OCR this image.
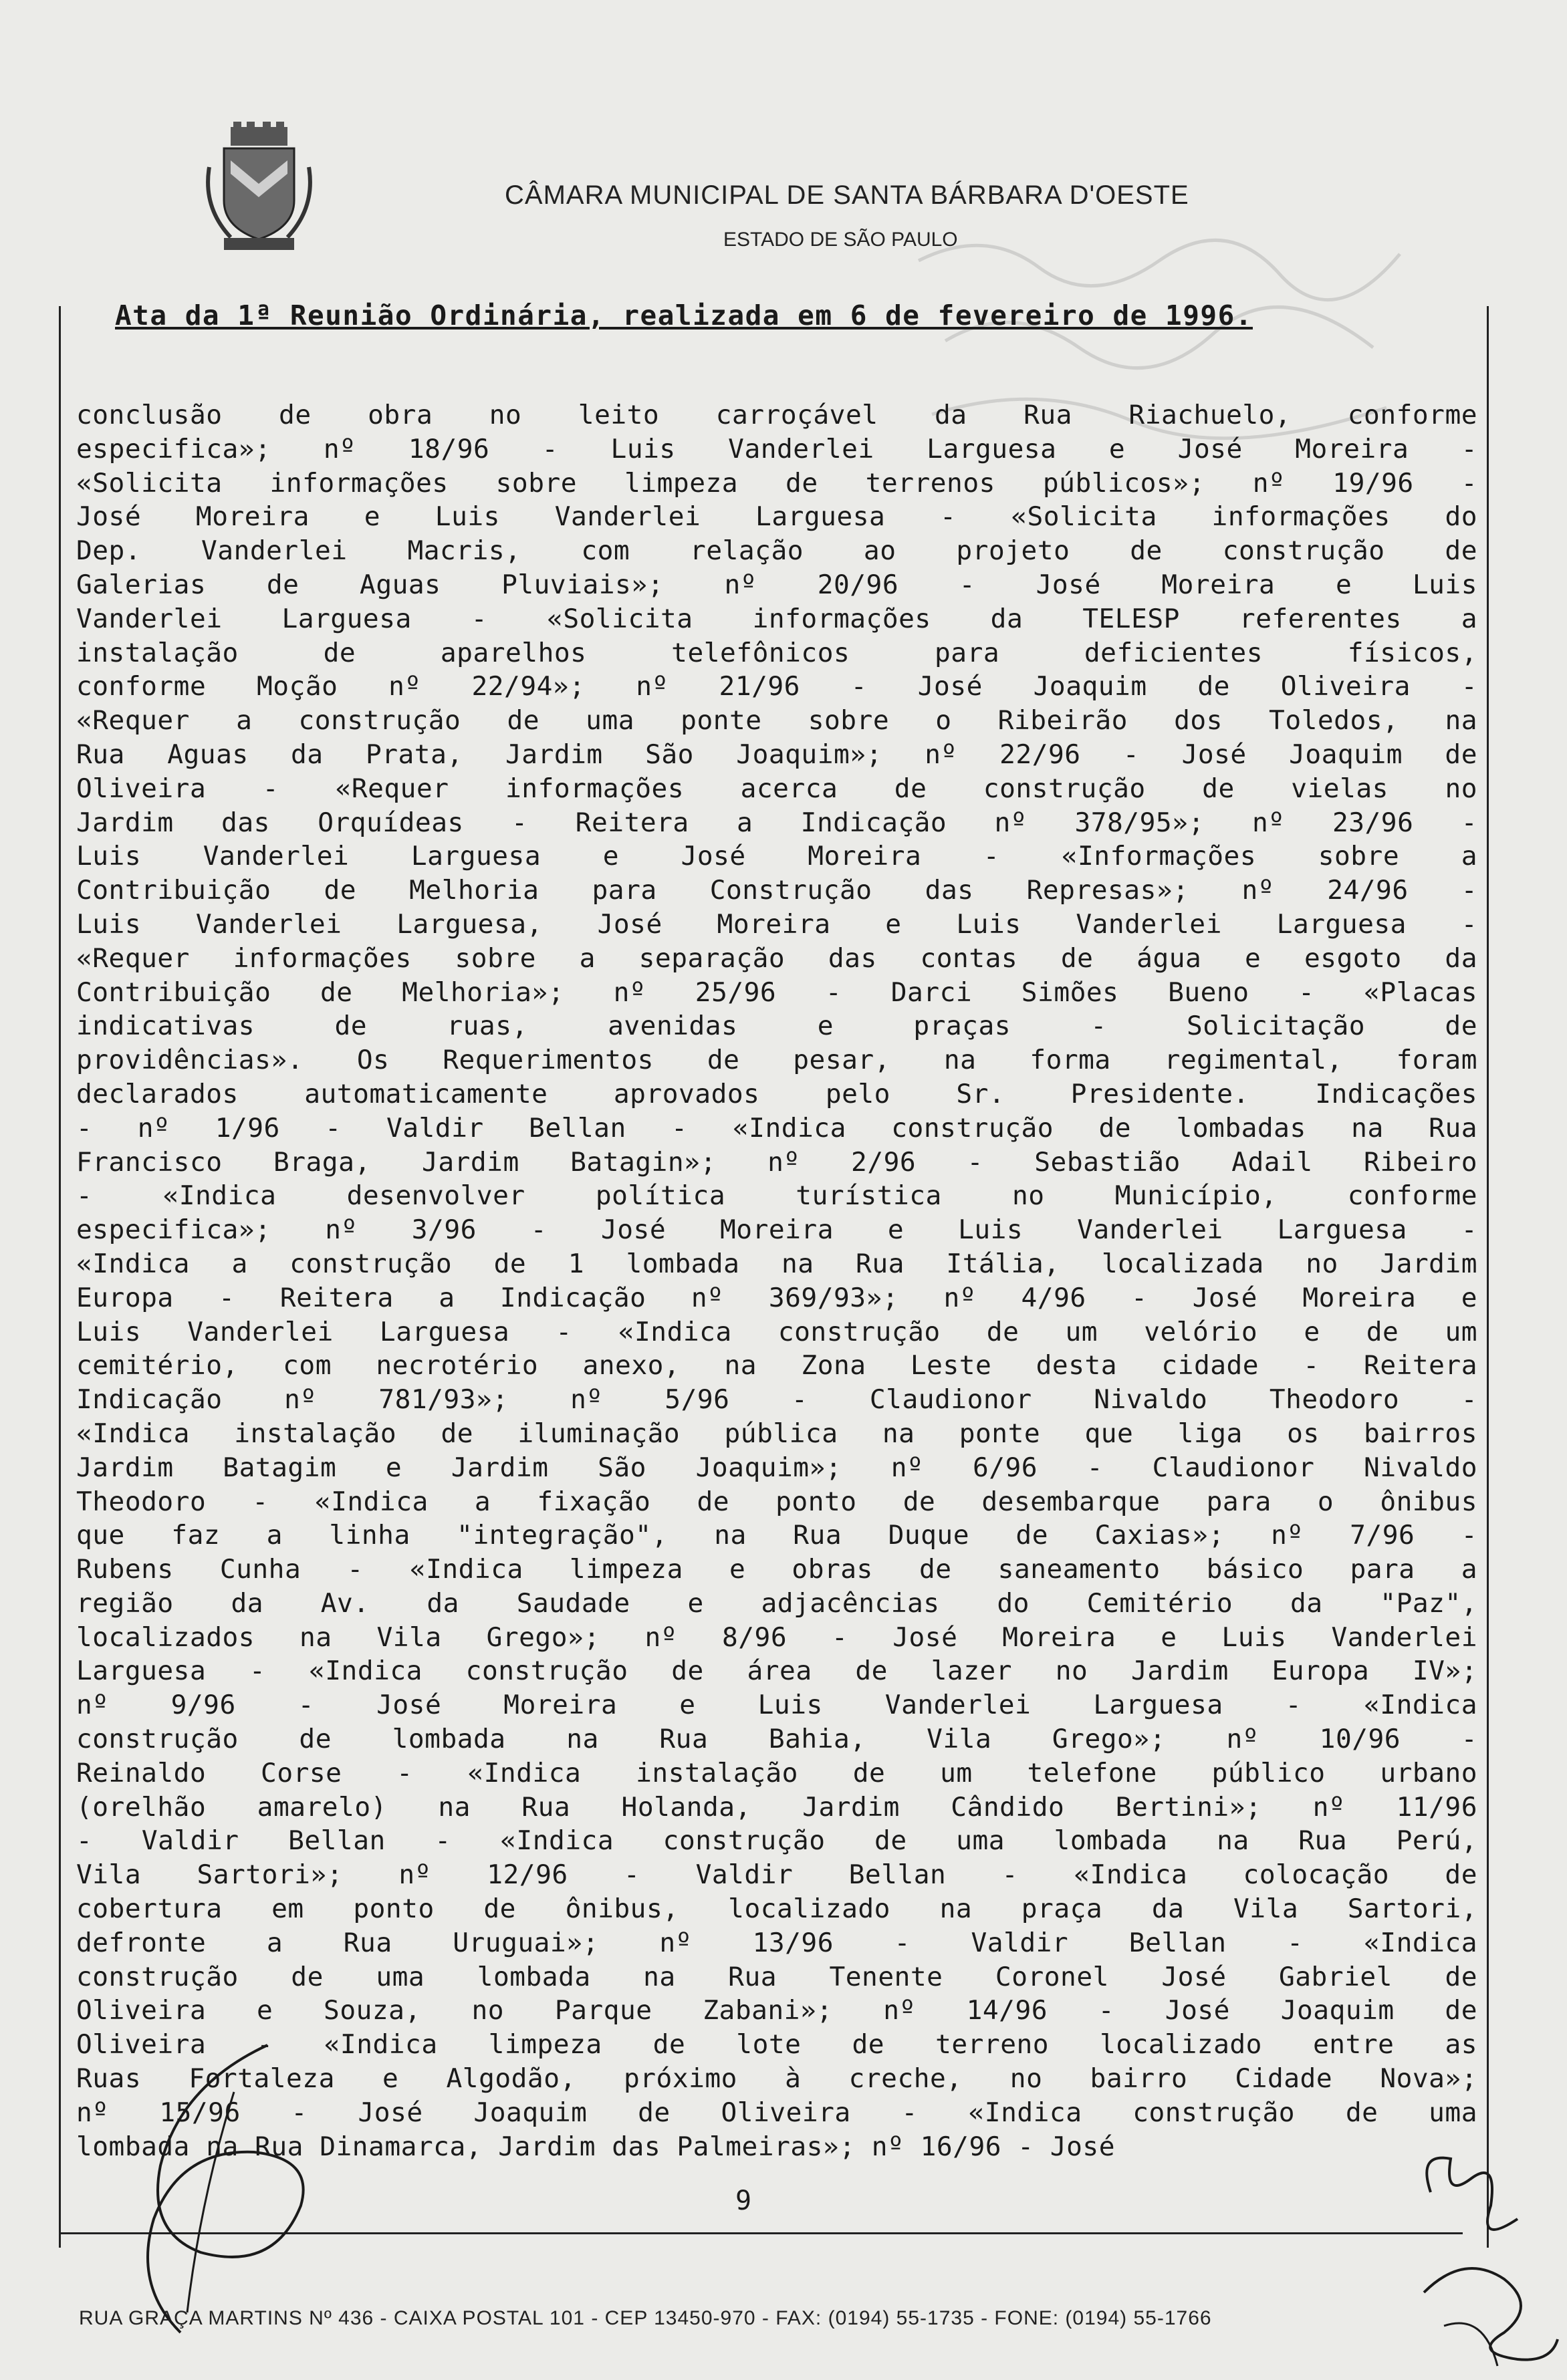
CÂMARA MUNICIPAL DE SANTA BÁRBARA D'OESTE
ESTADO DE SÃO PAULO
Ata da 1ª Reunião Ordinária, realizada em 6 de fevereiro de 1996.
conclusão de obra no leito carroçável da Rua Riachuelo, conforme
especifica»; nº 18/96 - Luis Vanderlei Larguesa e José Moreira -
«Solicita informações sobre limpeza de terrenos públicos»; nº 19/96 -
José Moreira e Luis Vanderlei Larguesa - «Solicita informações do
Dep. Vanderlei Macris, com relação ao projeto de construção de
Galerias de Aguas Pluviais»; nº 20/96 - José Moreira e Luis
Vanderlei Larguesa - «Solicita informações da TELESP referentes a
instalação de aparelhos telefônicos para deficientes físicos,
conforme Moção nº 22/94»; nº 21/96 - José Joaquim de Oliveira -
«Requer a construção de uma ponte sobre o Ribeirão dos Toledos, na
Rua Aguas da Prata, Jardim São Joaquim»; nº 22/96 - José Joaquim de
Oliveira - «Requer informações acerca de construção de vielas no
Jardim das Orquídeas - Reitera a Indicação nº 378/95»; nº 23/96 -
Luis Vanderlei Larguesa e José Moreira - «Informações sobre a
Contribuição de Melhoria para Construção das Represas»; nº 24/96 -
Luis Vanderlei Larguesa, José Moreira e Luis Vanderlei Larguesa -
«Requer informações sobre a separação das contas de água e esgoto da
Contribuição de Melhoria»; nº 25/96 - Darci Simões Bueno - «Placas
indicativas de ruas, avenidas e praças - Solicitação de
providências». Os Requerimentos de pesar, na forma regimental, foram
declarados automaticamente aprovados pelo Sr. Presidente. Indicações
- nº 1/96 - Valdir Bellan - «Indica construção de lombadas na Rua
Francisco Braga, Jardim Batagin»; nº 2/96 - Sebastião Adail Ribeiro
- «Indica desenvolver política turística no Município, conforme
especifica»; nº 3/96 - José Moreira e Luis Vanderlei Larguesa -
«Indica a construção de 1 lombada na Rua Itália, localizada no Jardim
Europa - Reitera a Indicação nº 369/93»; nº 4/96 - José Moreira e
Luis Vanderlei Larguesa - «Indica construção de um velório e de um
cemitério, com necrotério anexo, na Zona Leste desta cidade - Reitera
Indicação nº 781/93»; nº 5/96 - Claudionor Nivaldo Theodoro -
«Indica instalação de iluminação pública na ponte que liga os bairros
Jardim Batagim e Jardim São Joaquim»; nº 6/96 - Claudionor Nivaldo
Theodoro - «Indica a fixação de ponto de desembarque para o ônibus
que faz a linha "integração", na Rua Duque de Caxias»; nº 7/96 -
Rubens Cunha - «Indica limpeza e obras de saneamento básico para a
região da Av. da Saudade e adjacências do Cemitério da "Paz",
localizados na Vila Grego»; nº 8/96 - José Moreira e Luis Vanderlei
Larguesa - «Indica construção de área de lazer no Jardim Europa IV»;
nº 9/96 - José Moreira e Luis Vanderlei Larguesa - «Indica
construção de lombada na Rua Bahia, Vila Grego»; nº 10/96 -
Reinaldo Corse - «Indica instalação de um telefone público urbano
(orelhão amarelo) na Rua Holanda, Jardim Cândido Bertini»; nº 11/96
- Valdir Bellan - «Indica construção de uma lombada na Rua Perú,
Vila Sartori»; nº 12/96 - Valdir Bellan - «Indica colocação de
cobertura em ponto de ônibus, localizado na praça da Vila Sartori,
defronte a Rua Uruguai»; nº 13/96 - Valdir Bellan - «Indica
construção de uma lombada na Rua Tenente Coronel José Gabriel de
Oliveira e Souza, no Parque Zabani»; nº 14/96 - José Joaquim de
Oliveira - «Indica limpeza de lote de terreno localizado entre as
Ruas Fortaleza e Algodão, próximo à creche, no bairro Cidade Nova»;
nº 15/96 - José Joaquim de Oliveira - «Indica construção de uma
lombada na Rua Dinamarca, Jardim das Palmeiras»; nº 16/96 - José
9
RUA GRAÇA MARTINS Nº 436 - CAIXA POSTAL 101 - CEP 13450-970 - FAX: (0194) 55-1735 - FONE: (0194) 55-1766
